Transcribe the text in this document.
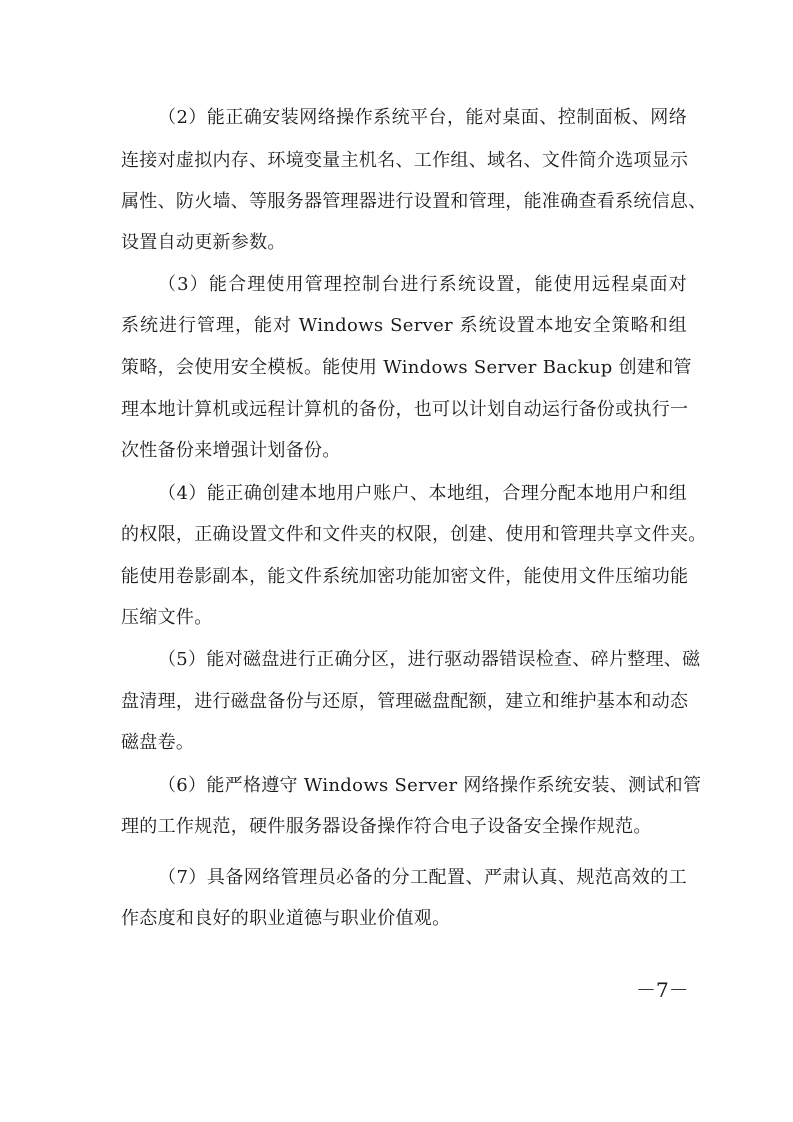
（2）能正确安装网络操作系统平台，能对桌面、控制面板、网络
连接对虚拟内存、环境变量主机名、工作组、域名、文件简介选项显示
属性、防火墙、等服务器管理器进行设置和管理，能准确查看系统信息、
设置自动更新参数。
（3）能合理使用管理控制台进行系统设置，能使用远程桌面对
系统进行管理，能对 Windows Server 系统设置本地安全策略和组
策略，会使用安全模板。能使用 Windows Server Backup 创建和管
理本地计算机或远程计算机的备份，也可以计划自动运行备份或执行一
次性备份来增强计划备份。
（4）能正确创建本地用户账户、本地组，合理分配本地用户和组
的权限，正确设置文件和文件夹的权限，创建、使用和管理共享文件夹。
能使用卷影副本，能文件系统加密功能加密文件，能使用文件压缩功能
压缩文件。
（5）能对磁盘进行正确分区，进行驱动器错误检查、碎片整理、磁
盘清理，进行磁盘备份与还原，管理磁盘配额，建立和维护基本和动态
磁盘卷。
（6）能严格遵守 Windows Server 网络操作系统安装、测试和管
理的工作规范，硬件服务器设备操作符合电子设备安全操作规范。
（7）具备网络管理员必备的分工配置、严肃认真、规范高效的工
作态度和良好的职业道德与职业价值观。
－7－
